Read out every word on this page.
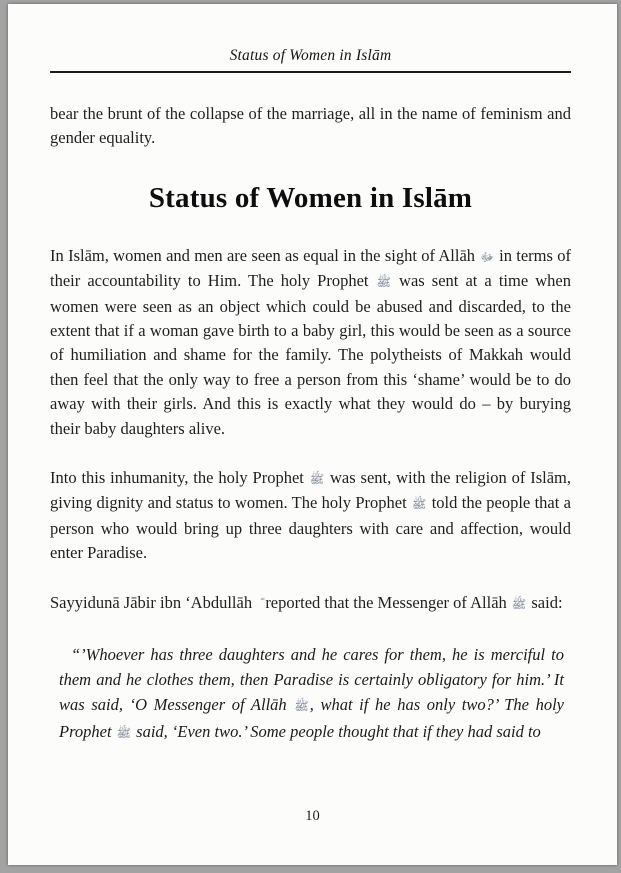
Status of Women in Islām

bear the brunt of the collapse of the marriage, all in the name of feminism and gender equality.

Status of Women in Islām

In Islām, women and men are seen as equal in the sight of Allāh ﷻ in terms of their accountability to Him. The holy Prophet ﷺ was sent at a time when women were seen as an object which could be abused and discarded, to the extent that if a woman gave birth to a baby girl, this would be seen as a source of humiliation and shame for the family. The polytheists of Makkah would then feel that the only way to free a person from this ‘shame’ would be to do away with their girls. And this is exactly what they would do – by burying their baby daughters alive.

Into this inhumanity, the holy Prophet ﷺ was sent, with the religion of Islām, giving dignity and status to women. The holy Prophet ﷺ told the people that a person who would bring up three daughters with care and affection, would enter Paradise.

Sayyidunā Jābir ibn ‘Abdullāh  ؓ reported that the Messenger of Allāh ﷺ said:

“’Whoever has three daughters and he cares for them, he is merciful to them and he clothes them, then Paradise is certainly obligatory for him.’ It was said, ‘O Messenger of Allāh ﷺ, what if he has only two?’ The holy Prophet ﷺ said, ‘Even two.’ Some people thought that if they had said to
10
